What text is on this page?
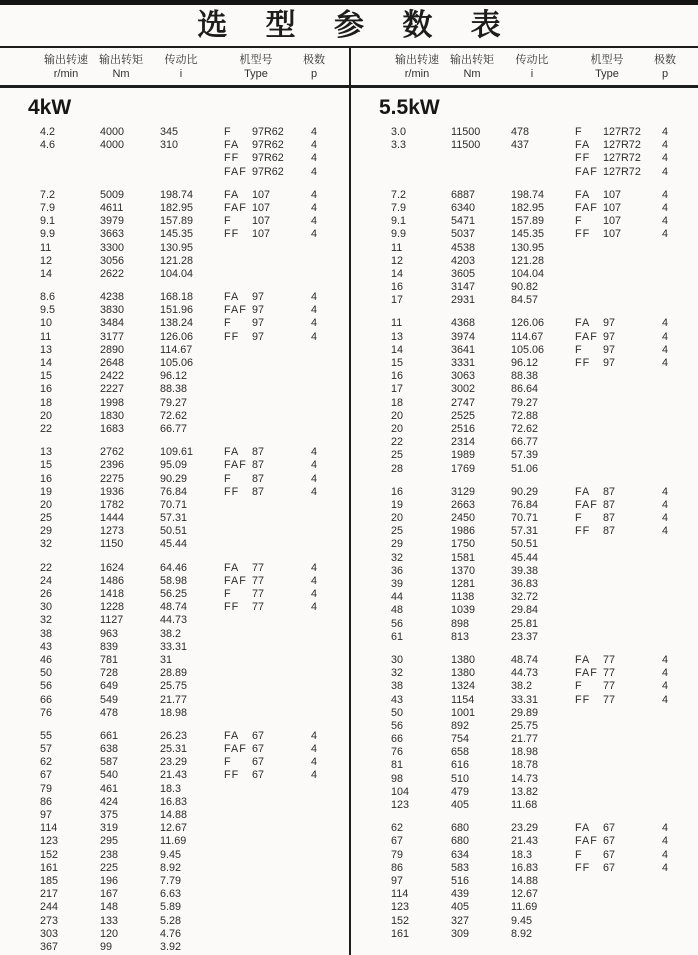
选 型 参 数 表
输出转速
r/min
输出转矩
Nm
传动比
i
机型号
Type
极数
p
4kW
4.2	4000	345	F	97R62	4
4.6	4000	310	FA	97R62	4
FF	97R62	4
FAF 97R62	4
7.2	5009	198.74	FA	107	4
7.9	4611	182.95	FAF 107	4
9.1	3979	157.89	F	107	4
9.9	3663	145.35	FF	107	4
11	3300	130.95
12	3056	121.28
14	2622	104.04
8.6	4238	168.18	FA	97	4
9.5	3830	151.96	FAF 97	4
10	3484	138.24	F	97	4
11	3177	126.06	FF	97	4
13	2890	114.67
14	2648	105.06
15	2422	96.12
16	2227	88.38
18	1998	79.27
20	1830	72.62
22	1683	66.77
13	2762	109.61	FA	87	4
15	2396	95.09	FAF 87	4
16	2275	90.29	F	87	4
19	1936	76.84	FF	87	4
20	1782	70.71
25	1444	57.31
29	1273	50.51
32	1150	45.44
22	1624	64.46	FA	77	4
24	1486	58.98	FAF 77	4
26	1418	56.25	F	77	4
30	1228	48.74	FF	77	4
32	1127	44.73
38	963	38.2
43	839	33.31
46	781	31
50	728	28.89
56	649	25.75
66	549	21.77
76	478	18.98
55	661	26.23	FA	67	4
57	638	25.31	FAF 67	4
62	587	23.29	F	67	4
67	540	21.43	FF	67	4
79	461	18.3
86	424	16.83
97	375	14.88
114	319	12.67
123	295	11.69
152	238	9.45
161	225	8.92
185	196	7.79
217	167	6.63
244	148	5.89
273	133	5.28
303	120	4.76
367	99	3.92
输出转速
r/min
输出转矩
Nm
传动比
i
机型号
Type
极数
p
5.5kW
3.0	11500	478	F	127R72	4
3.3	11500	437	FA	127R72	4
FF	127R72	4
FAF 127R72	4
7.2	6887	198.74	FA	107	4
7.9	6340	182.95	FAF 107	4
9.1	5471	157.89	F	107	4
9.9	5037	145.35	FF	107	4
11	4538	130.95
12	4203	121.28
14	3605	104.04
16	3147	90.82
17	2931	84.57
11	4368	126.06	FA	97	4
13	3974	114.67	FAF 97	4
14	3641	105.06	F	97	4
15	3331	96.12	FF	97	4
16	3063	88.38
17	3002	86.64
18	2747	79.27
20	2525	72.88
20	2516	72.62
22	2314	66.77
25	1989	57.39
28	1769	51.06
16	3129	90.29	FA	87	4
19	2663	76.84	FAF 87	4
20	2450	70.71	F	87	4
25	1986	57.31	FF	87	4
29	1750	50.51
32	1581	45.44
36	1370	39.38
39	1281	36.83
44	1138	32.72
48	1039	29.84
56	898	25.81
61	813	23.37
30	1380	48.74	FA	77	4
32	1380	44.73	FAF 77	4
38	1324	38.2	F	77	4
43	1154	33.31	FF	77	4
50	1001	29.89
56	892	25.75
66	754	21.77
76	658	18.98
81	616	18.78
98	510	14.73
104	479	13.82
123	405	11.68
62	680	23.29	FA	67	4
67	680	21.43	FAF 67	4
79	634	18.3	F	67	4
86	583	16.83	FF	67	4
97	516	14.88
114	439	12.67
123	405	11.69
152	327	9.45
161	309	8.92
